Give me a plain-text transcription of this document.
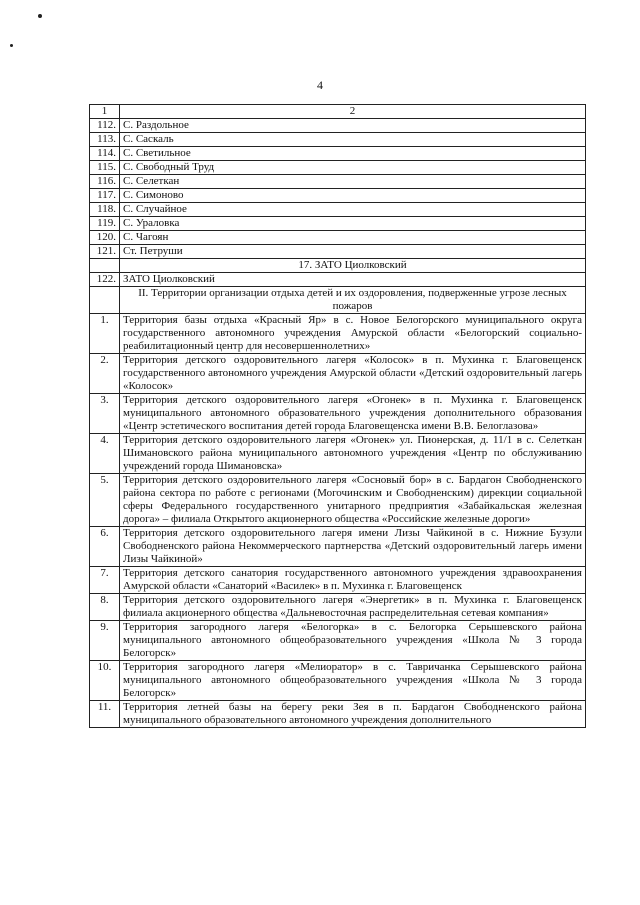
4
1	2
112.	С. Раздольное
113.	С. Саскаль
114.	С. Светильное
115.	С. Свободный Труд
116.	С. Селеткан
117.	С. Симоново
118.	С. Случайное
119.	С. Ураловка
120.	С. Чагоян
121.	Ст. Петруши
	17. ЗАТО Циолковский
122.	ЗАТО Циолковский
	II. Территории организации отдыха детей и их оздоровления, подверженные угрозе лесных пожаров
1.	Территория базы отдыха «Красный Яр» в с. Новое Белогорского муниципального округа государственного автономного учреждения Амурской области «Белогорский социально-реабилитационный центр для несовершеннолетних»
2.	Территория детского оздоровительного лагеря «Колосок» в п. Мухинка г. Благовещенск государственного автономного учреждения Амурской области «Детский оздоровительный лагерь «Колосок»
3.	Территория детского оздоровительного лагеря «Огонек» в п. Мухинка г. Благовещенск муниципального автономного образовательного учреждения дополнительного образования «Центр эстетического воспитания детей города Благовещенска имени В.В. Белоглазова»
4.	Территория детского оздоровительного лагеря «Огонек» ул. Пионерская, д. 11/1 в с. Селеткан Шимановского района муниципального автономного учреждения «Центр по обслуживанию учреждений города Шимановска»
5.	Территория детского оздоровительного лагеря «Сосновый бор» в с. Бардагон Свободненского района сектора по работе с регионами (Могочинским и Свободненским) дирекции социальной сферы Федерального государственного унитарного предприятия «Забайкальская железная дорога» – филиала Открытого акционерного общества «Российские железные дороги»
6.	Территория детского оздоровительного лагеря имени Лизы Чайкиной в с. Нижние Бузули Свободненского района Некоммерческого партнерства «Детский оздоровительный лагерь имени Лизы Чайкиной»
7.	Территория детского санатория государственного автономного учреждения здравоохранения Амурской области «Санаторий «Василек» в п. Мухинка г. Благовещенск
8.	Территория детского оздоровительного лагеря «Энергетик» в п. Мухинка г. Благовещенск филиала акционерного общества «Дальневосточная распределительная сетевая компания»
9.	Территория загородного лагеря «Белогорка» в с. Белогорка Серышевского района муниципального автономного общеобразовательного учреждения «Школа № 3 города Белогорск»
10.	Территория загородного лагеря «Мелиоратор» в с. Тавричанка Серышевского района муниципального автономного общеобразовательного учреждения «Школа № 3 города Белогорск»
11.	Территория летней базы на берегу реки Зея в п. Бардагон Свободненского района муниципального образовательного автономного учреждения дополнительного
